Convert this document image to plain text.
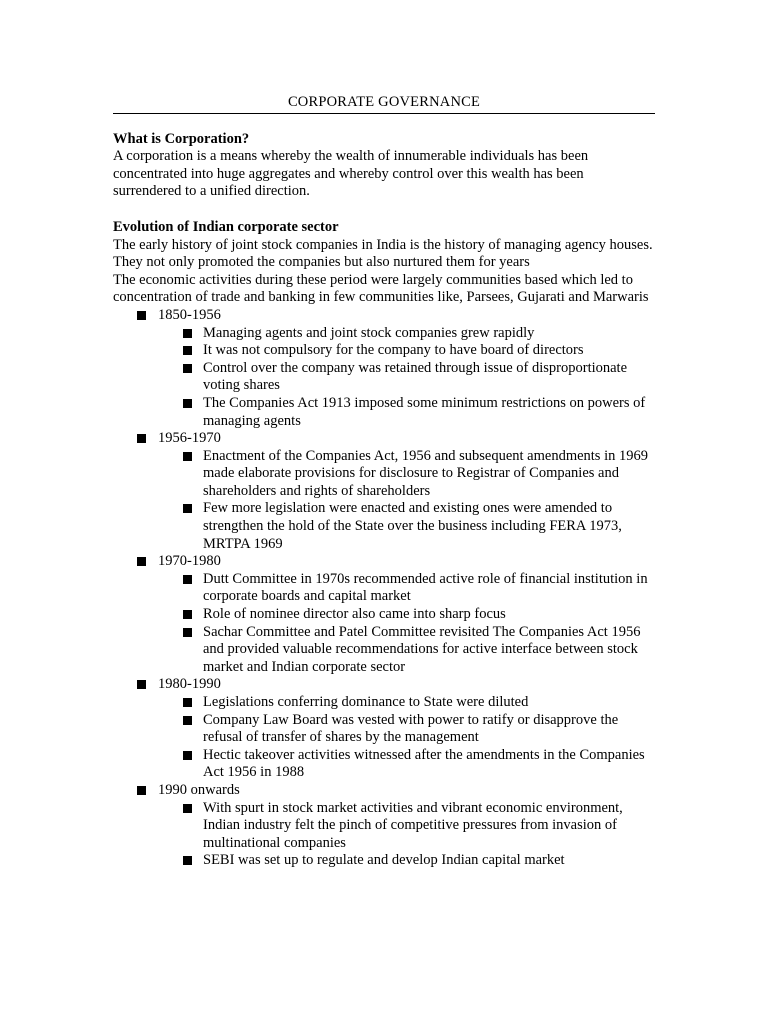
CORPORATE GOVERNANCE
What is Corporation?

A corporation is a means whereby the wealth of innumerable individuals has been concentrated into huge aggregates and whereby control over this wealth has been surrendered to a unified direction.

Evolution of Indian corporate sector

The early history of joint stock companies in India is the history of managing agency houses. They not only promoted the companies but also nurtured them for years

The economic activities during these period were largely communities based which led to concentration of trade and banking in few communities like, Parsees, Gujarati and Marwaris

1850-1956
Managing agents and joint stock companies grew rapidly
It was not compulsory for the company to have board of directors
Control over the company was retained through issue of disproportionate voting shares
The Companies Act 1913 imposed some minimum restrictions on powers of managing agents
1956-1970
Enactment of the Companies Act, 1956 and subsequent amendments in 1969 made elaborate provisions for disclosure to Registrar of Companies and shareholders and rights of shareholders
Few more legislation were enacted and existing ones were amended to strengthen the hold of the State over the business including FERA 1973, MRTPA 1969
1970-1980
Dutt Committee in 1970s recommended active role of financial institution in corporate boards and capital market
Role of nominee director also came into sharp focus
Sachar Committee and Patel Committee revisited The Companies Act 1956 and provided valuable recommendations for active interface between stock market and Indian corporate sector
1980-1990
Legislations conferring dominance to State were diluted
Company Law Board was vested with power to ratify or disapprove the refusal of transfer of shares by the management
Hectic takeover activities witnessed after the amendments in the Companies Act 1956 in 1988
1990 onwards
With spurt in stock market activities and vibrant economic environment, Indian industry felt the pinch of competitive pressures from invasion of multinational companies
SEBI was set up to regulate and develop Indian capital market
